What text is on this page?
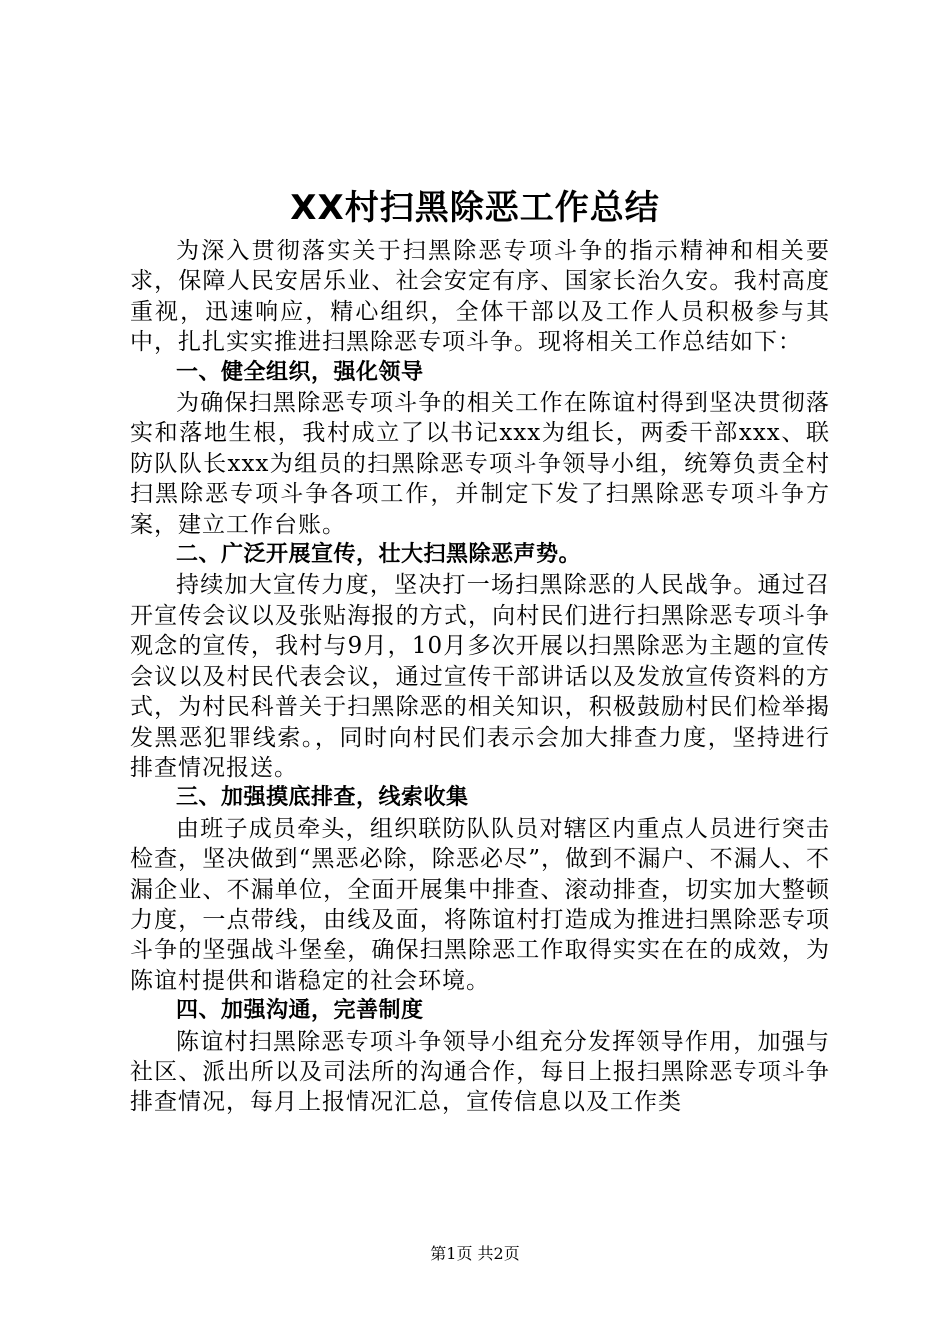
XX村扫黑除恶工作总结

为深入贯彻落实关于扫黑除恶专项斗争的指示精神和相关要求，保障人民安居乐业、社会安定有序、国家长治久安。我村高度重视，迅速响应，精心组织，全体干部以及工作人员积极参与其中，扎扎实实推进扫黑除恶专项斗争。现将相关工作总结如下：

一、健全组织，强化领导

为确保扫黑除恶专项斗争的相关工作在陈谊村得到坚决贯彻落实和落地生根，我村成立了以书记xxx为组长，两委干部xxx、联防队队长xxx为组员的扫黑除恶专项斗争领导小组，统筹负责全村扫黑除恶专项斗争各项工作，并制定下发了扫黑除恶专项斗争方案，建立工作台账。

二、广泛开展宣传，壮大扫黑除恶声势。

持续加大宣传力度，坚决打一场扫黑除恶的人民战争。通过召开宣传会议以及张贴海报的方式，向村民们进行扫黑除恶专项斗争观念的宣传，我村与9月，10月多次开展以扫黑除恶为主题的宣传会议以及村民代表会议，通过宣传干部讲话以及发放宣传资料的方式，为村民科普关于扫黑除恶的相关知识，积极鼓励村民们检举揭发黑恶犯罪线索。，同时向村民们表示会加大排查力度，坚持进行排查情况报送。

三、加强摸底排查，线索收集

由班子成员牵头，组织联防队队员对辖区内重点人员进行突击检查，坚决做到“黑恶必除，除恶必尽”，做到不漏户、不漏人、不漏企业、不漏单位，全面开展集中排查、滚动排查，切实加大整顿力度，一点带线，由线及面，将陈谊村打造成为推进扫黑除恶专项斗争的坚强战斗堡垒，确保扫黑除恶工作取得实实在在的成效，为陈谊村提供和谐稳定的社会环境。

四、加强沟通，完善制度

陈谊村扫黑除恶专项斗争领导小组充分发挥领导作用，加强与社区、派出所以及司法所的沟通合作，每日上报扫黑除恶专项斗争排查情况，每月上报情况汇总，宣传信息以及工作类

第1页 共2页
